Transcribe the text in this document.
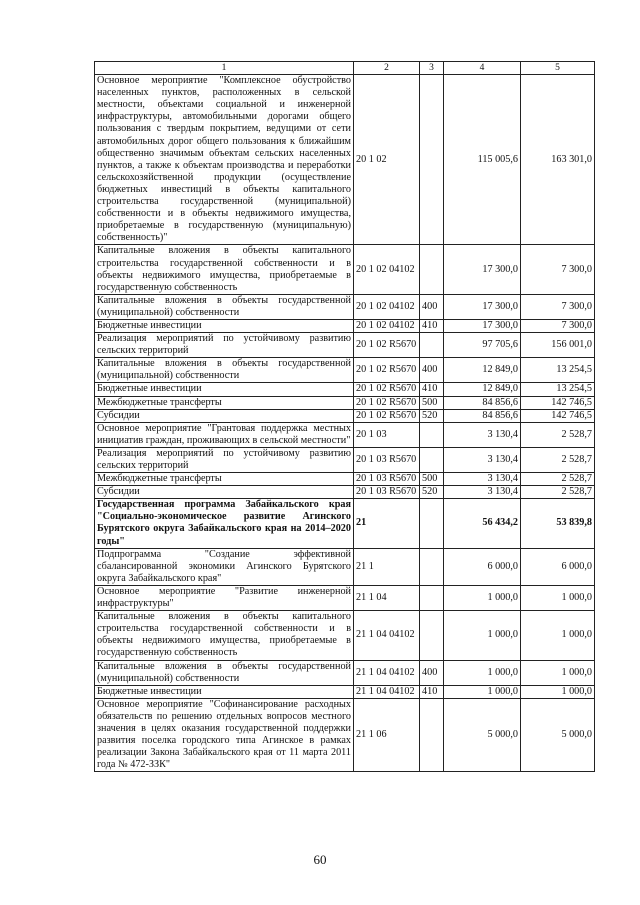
1	2	3	4	5
Основное мероприятие "Комплексное обустройство населенных пунктов, расположенных в сельской местности, объектами социальной и инженерной инфраструктуры, автомобильными дорогами общего пользования с твердым покрытием, ведущими от сети автомобильных дорог общего пользования к ближайшим общественно значимым объектам сельских населенных пунктов, а также к объектам производства и переработки сельскохозяйственной продукции (осуществление бюджетных инвестиций в объекты капитального строительства государственной (муниципальной) собственности и в объекты недвижимого имущества, приобретаемые в государственную (муниципальную) собственность)"	20 1 02		115 005,6	163 301,0
Капитальные вложения в объекты капитального строительства государственной собственности и в объекты недвижимого имущества, приобретаемые в государственную собственность	20 1 02 04102		17 300,0	7 300,0
Капитальные вложения в объекты государственной (муниципальной) собственности	20 1 02 04102	400	17 300,0	7 300,0
Бюджетные инвестиции	20 1 02 04102	410	17 300,0	7 300,0
Реализация мероприятий по устойчивому развитию сельских территорий	20 1 02 R5670		97 705,6	156 001,0
Капитальные вложения в объекты государственной (муниципальной) собственности	20 1 02 R5670	400	12 849,0	13 254,5
Бюджетные инвестиции	20 1 02 R5670	410	12 849,0	13 254,5
Межбюджетные трансферты	20 1 02 R5670	500	84 856,6	142 746,5
Субсидии	20 1 02 R5670	520	84 856,6	142 746,5
Основное мероприятие "Грантовая поддержка местных инициатив граждан, проживающих в сельской местности"	20 1 03		3 130,4	2 528,7
Реализация мероприятий по устойчивому развитию сельских территорий	20 1 03 R5670		3 130,4	2 528,7
Межбюджетные трансферты	20 1 03 R5670	500	3 130,4	2 528,7
Субсидии	20 1 03 R5670	520	3 130,4	2 528,7
Государственная программа Забайкальского края "Социально-экономическое развитие Агинского Бурятского округа Забайкальского края на 2014–2020 годы"	21		56 434,2	53 839,8
Подпрограмма "Создание эффективной сбалансированной экономики Агинского Бурятского округа Забайкальского края"	21 1		6 000,0	6 000,0
Основное мероприятие "Развитие инженерной инфраструктуры"	21 1 04		1 000,0	1 000,0
Капитальные вложения в объекты капитального строительства государственной собственности и в объекты недвижимого имущества, приобретаемые в государственную собственность	21 1 04 04102		1 000,0	1 000,0
Капитальные вложения в объекты государственной (муниципальной) собственности	21 1 04 04102	400	1 000,0	1 000,0
Бюджетные инвестиции	21 1 04 04102	410	1 000,0	1 000,0
Основное мероприятие "Софинансирование расходных обязательств по решению отдельных вопросов местного значения в целях оказания государственной поддержки развития поселка городского типа Агинское в рамках реализации Закона Забайкальского края от 11 марта 2011 года № 472-ЗЗК"	21 1 06		5 000,0	5 000,0
60
